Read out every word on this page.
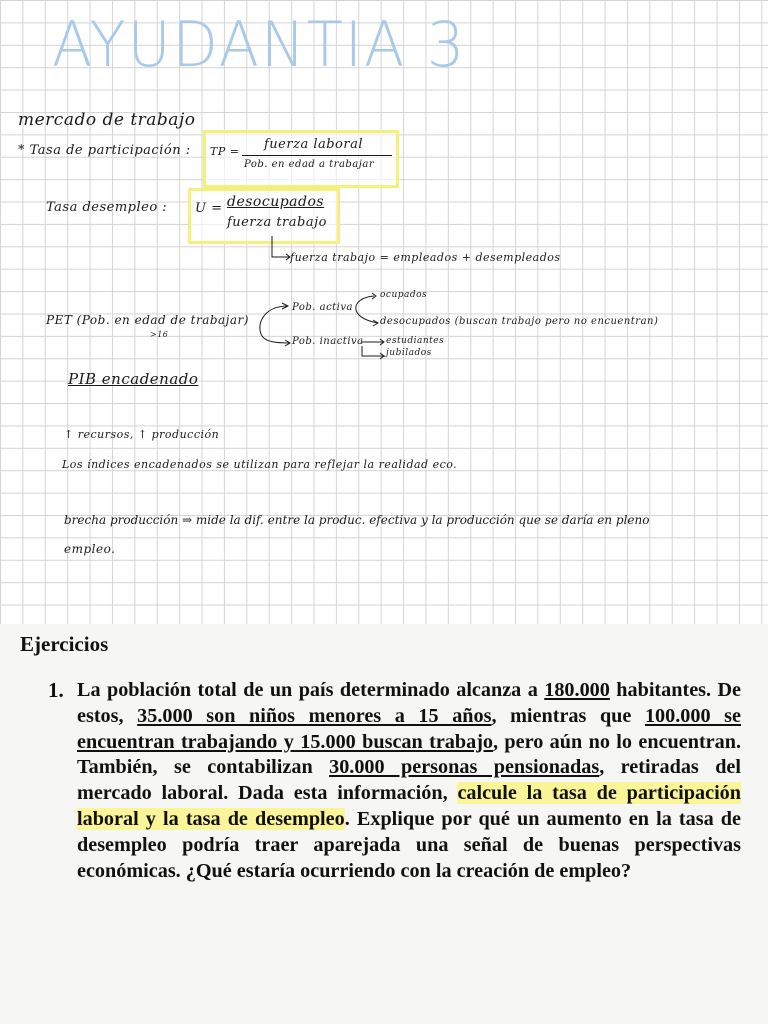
AYUDANTIA 3
mercado de trabajo
* Tasa de participación : TP = fuerza laboral
Pob. en edad a trabajar
Tasa desempleo : U = desocupados
fuerza trabajo
fuerza trabajo = empleados + desempleados
PET (Pob. en edad de trabajar)
>16
Pob. activa
Pob. inactiva
ocupados
desocupados (buscan trabajo pero no encuentran)
estudiantes
jubilados
PIB encadenado
↑ recursos, ↑ producción
Los índices encadenados se utilizan para reflejar la realidad eco.
brecha producción ⇒ mide la dif. entre la produc. efectiva y la producción que se daría en pleno
empleo.
Ejercicios
1. La población total de un país determinado alcanza a 180.000 habitantes. De estos, 35.000 son niños menores a 15 años, mientras que 100.000 se encuentran trabajando y 15.000 buscan trabajo, pero aún no lo encuentran. También, se contabilizan 30.000 personas pensionadas, retiradas del mercado laboral. Dada esta información, calcule la tasa de participación laboral y la tasa de desempleo. Explique por qué un aumento en la tasa de desempleo podría traer aparejada una señal de buenas perspectivas económicas. ¿Qué estaría ocurriendo con la creación de empleo?
